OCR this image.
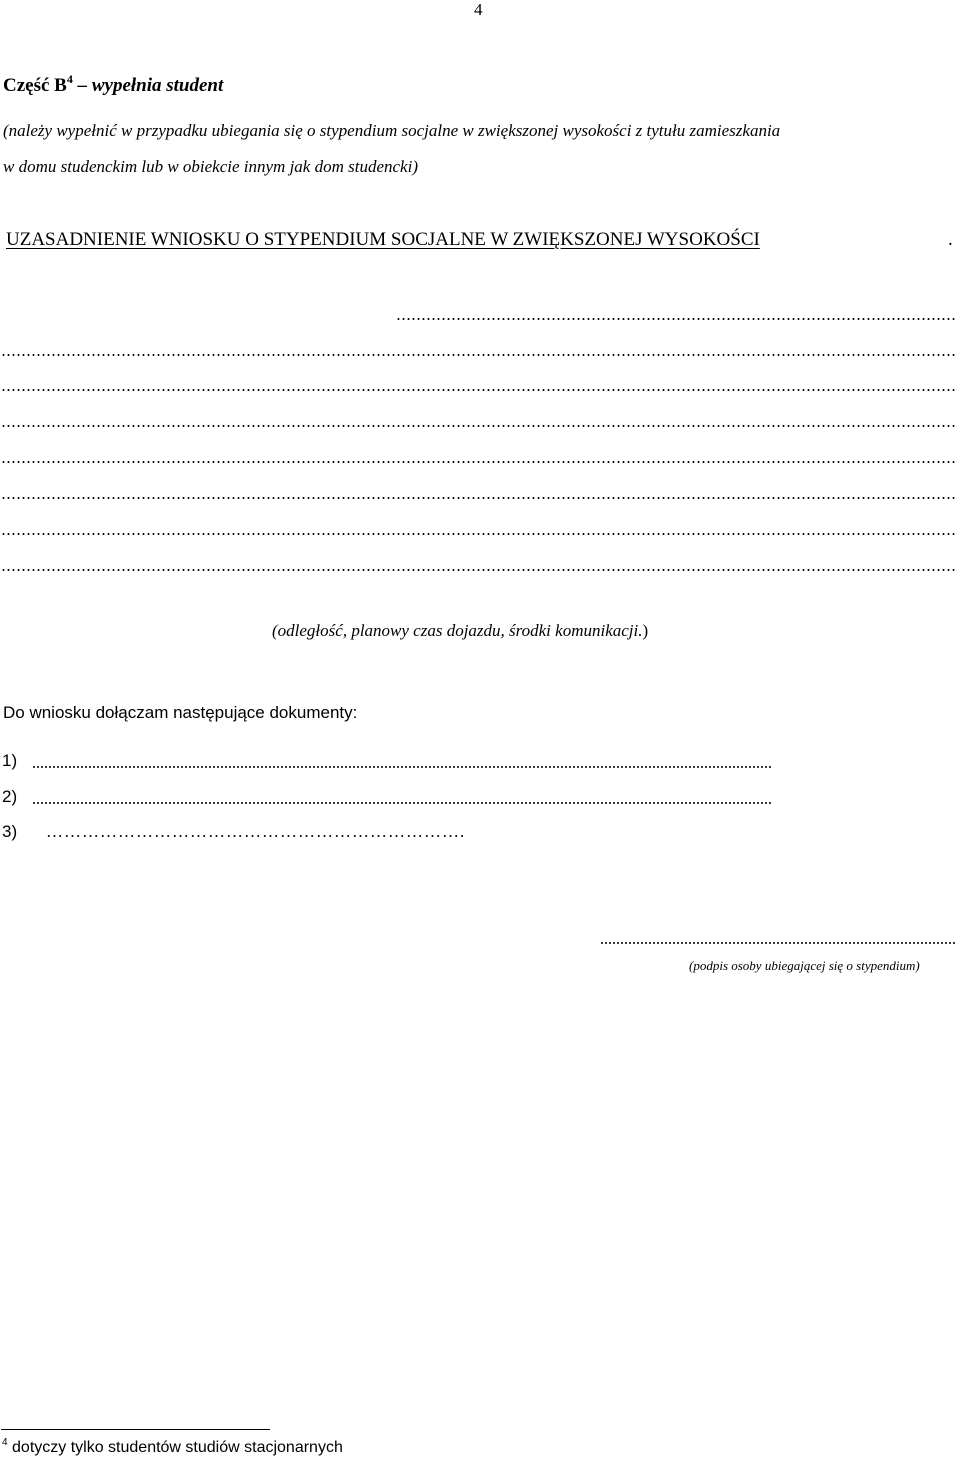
4
Część $B^4$ – wypełnia student
(należy wypełnić w przypadku ubiegania się o stypendium socjalne w zwiększonej wysokości z tytułu zamieszkania
w domu studenckim lub w obiekcie innym jak dom studencki)
UZASADNIENIE WNIOSKU O STYPENDIUM SOCJALNE W ZWIĘKSZONEJ WYSOKOŚCI	.
(odległość, planowy czas dojazdu, środki komunikacji.)
Do wniosku dołączam następujące dokumenty:
1)
2)
3) …………………………………………………………….
(podpis osoby ubiegającej się o stypendium)
$^4$ dotyczy tylko studentów studiów stacjonarnych
